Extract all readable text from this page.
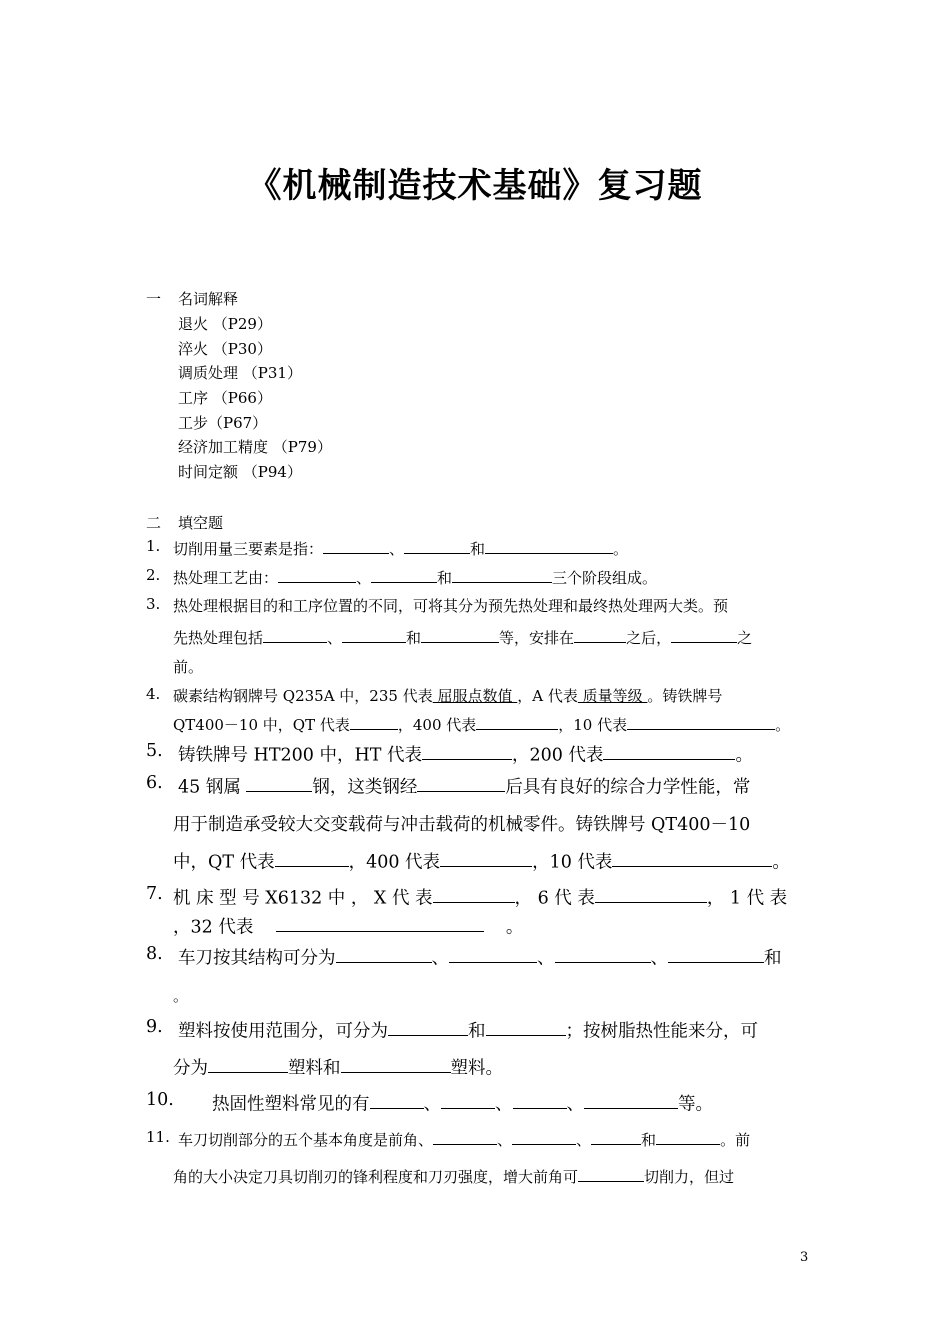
《机械制造技术基础》复习题
一 名词解释
退火 （P29）
淬火 （P30）
调质处理 （P31）
工序 （P66）
工步（P67）
经济加工精度 （P79）
时间定额 （P94）
二 填空题
1. 切削用量三要素是指：	、	和	。
2. 热处理工艺由：	、	和	三个阶段组成。
3. 热处理根据目的和工序位置的不同，可将其分为预先热处理和最终热处理两大类。预
先热处理包括	、	和	等，安排在	之后，	之
前。
4. 碳素结构钢牌号 Q235A 中，235 代表 屈服点数值 ，A 代表 质量等级 。铸铁牌号
QT400－10 中，QT 代表	，400 代表	，10 代表	。
5. 铸铁牌号 HT200 中，HT 代表	，200 代表	。
6. 45 钢属	钢，这类钢经	后具有良好的综合力学性能，常
用于制造承受较大交变载荷与冲击载荷的机械零件。铸铁牌号 QT400－10
中，QT 代表	，400 代表	，10 代表	。
7. 机 床 型 号 X6132 中 ， X 代 表	， 6 代 表	， 1 代 表
，32 代表	。
8. 车刀按其结构可分为	、	、	、	和
。
9. 塑料按使用范围分，可分为	和	；按树脂热性能来分，可
分为	塑料和	塑料。
10. 热固性塑料常见的有	、	、	、	等。
11. 车刀切削部分的五个基本角度是前角、	、	、	和	。前
角的大小决定刀具切削刃的锋利程度和刀刃强度，增大前角可	切削力，但过
3
